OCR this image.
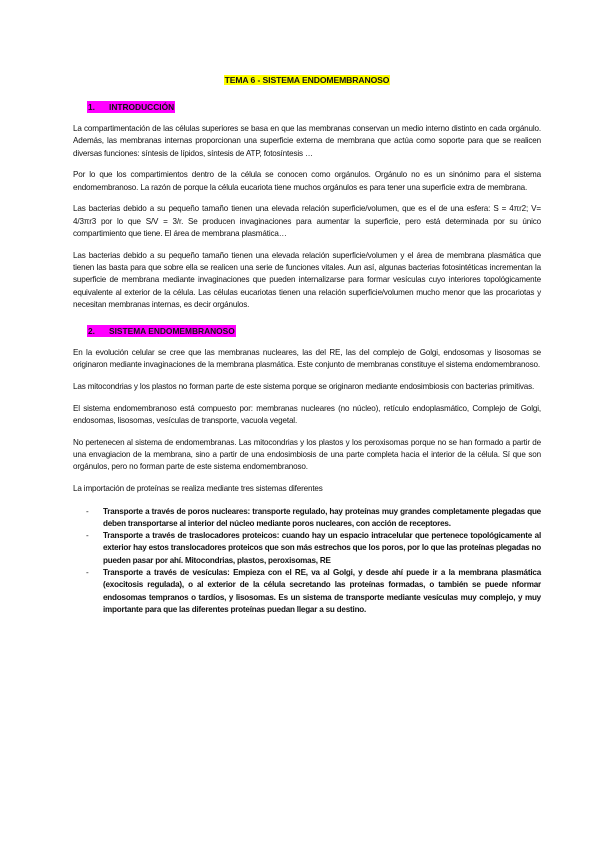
TEMA 6 - SISTEMA ENDOMEMBRANOSO
1. INTRODUCCIÓN

La compartimentación de las células superiores se basa en que las membranas conservan un medio interno distinto en cada orgánulo. Además, las membranas internas proporcionan una superficie externa de membrana que actúa como soporte para que se realicen diversas funciones: síntesis de lípidos, síntesis de ATP, fotosíntesis …

Por lo que los compartimientos dentro de la célula se conocen como orgánulos. Orgánulo no es un sinónimo para el sistema endomembranoso. La razón de porque la célula eucariota tiene muchos orgánulos es para tener una superficie extra de membrana.

Las bacterias debido a su pequeño tamaño tienen una elevada relación superficie/volumen, que es el de una esfera: S = 4πr2; V= 4/3πr3 por lo que S/V = 3/r. Se producen invaginaciones para aumentar la superficie, pero está determinada por su único compartimiento que tiene. El área de membrana plasmática…

Las bacterias debido a su pequeño tamaño tienen una elevada relación superficie/volumen y el área de membrana plasmática que tienen las basta para que sobre ella se realicen una serie de funciones vitales. Aun así, algunas bacterias fotosintéticas incrementan la superficie de membrana mediante invaginaciones que pueden internalizarse para formar vesículas cuyo interiores topológicamente equivalente al exterior de la célula. Las células eucariotas tienen una relación superficie/volumen mucho menor que las procariotas y necesitan membranas internas, es decir orgánulos.

2. SISTEMA ENDOMEMBRANOSO

En la evolución celular se cree que las membranas nucleares, las del RE, las del complejo de Golgi, endosomas y lisosomas se originaron mediante invaginaciones de la membrana plasmática. Este conjunto de membranas constituye el sistema endomembranoso.

Las mitocondrias y los plastos no forman parte de este sistema porque se originaron mediante endosimbiosis con bacterias primitivas.

El sistema endomembranoso está compuesto por: membranas nucleares (no núcleo), retículo endoplasmático, Complejo de Golgi, endosomas, lisosomas, vesículas de transporte, vacuola vegetal.

No pertenecen al sistema de endomembranas. Las mitocondrias y los plastos y los peroxisomas porque no se han formado a partir de una envagiacion de la membrana, sino a partir de una endosimbiosis de una parte completa hacia el interior de la célula. Sí que son orgánulos, pero no forman parte de este sistema endomembranoso.

La importación de proteínas se realiza mediante tres sistemas diferentes

- Transporte a través de poros nucleares: transporte regulado, hay proteínas muy grandes completamente plegadas que deben transportarse al interior del núcleo mediante poros nucleares, con acción de receptores.
- Transporte a través de traslocadores proteicos: cuando hay un espacio intracelular que pertenece topológicamente al exterior hay estos translocadores proteicos que son más estrechos que los poros, por lo que las proteínas plegadas no pueden pasar por ahí. Mitocondrias, plastos, peroxisomas, RE
- Transporte a través de vesículas: Empieza con el RE, va al Golgi, y desde ahí puede ir a la membrana plasmática (exocitosis regulada), o al exterior de la célula secretando las proteínas formadas, o también se puede nformar endosomas tempranos o tardíos, y lisosomas. Es un sistema de transporte mediante vesículas muy complejo, y muy importante para que las diferentes proteínas puedan llegar a su destino.
